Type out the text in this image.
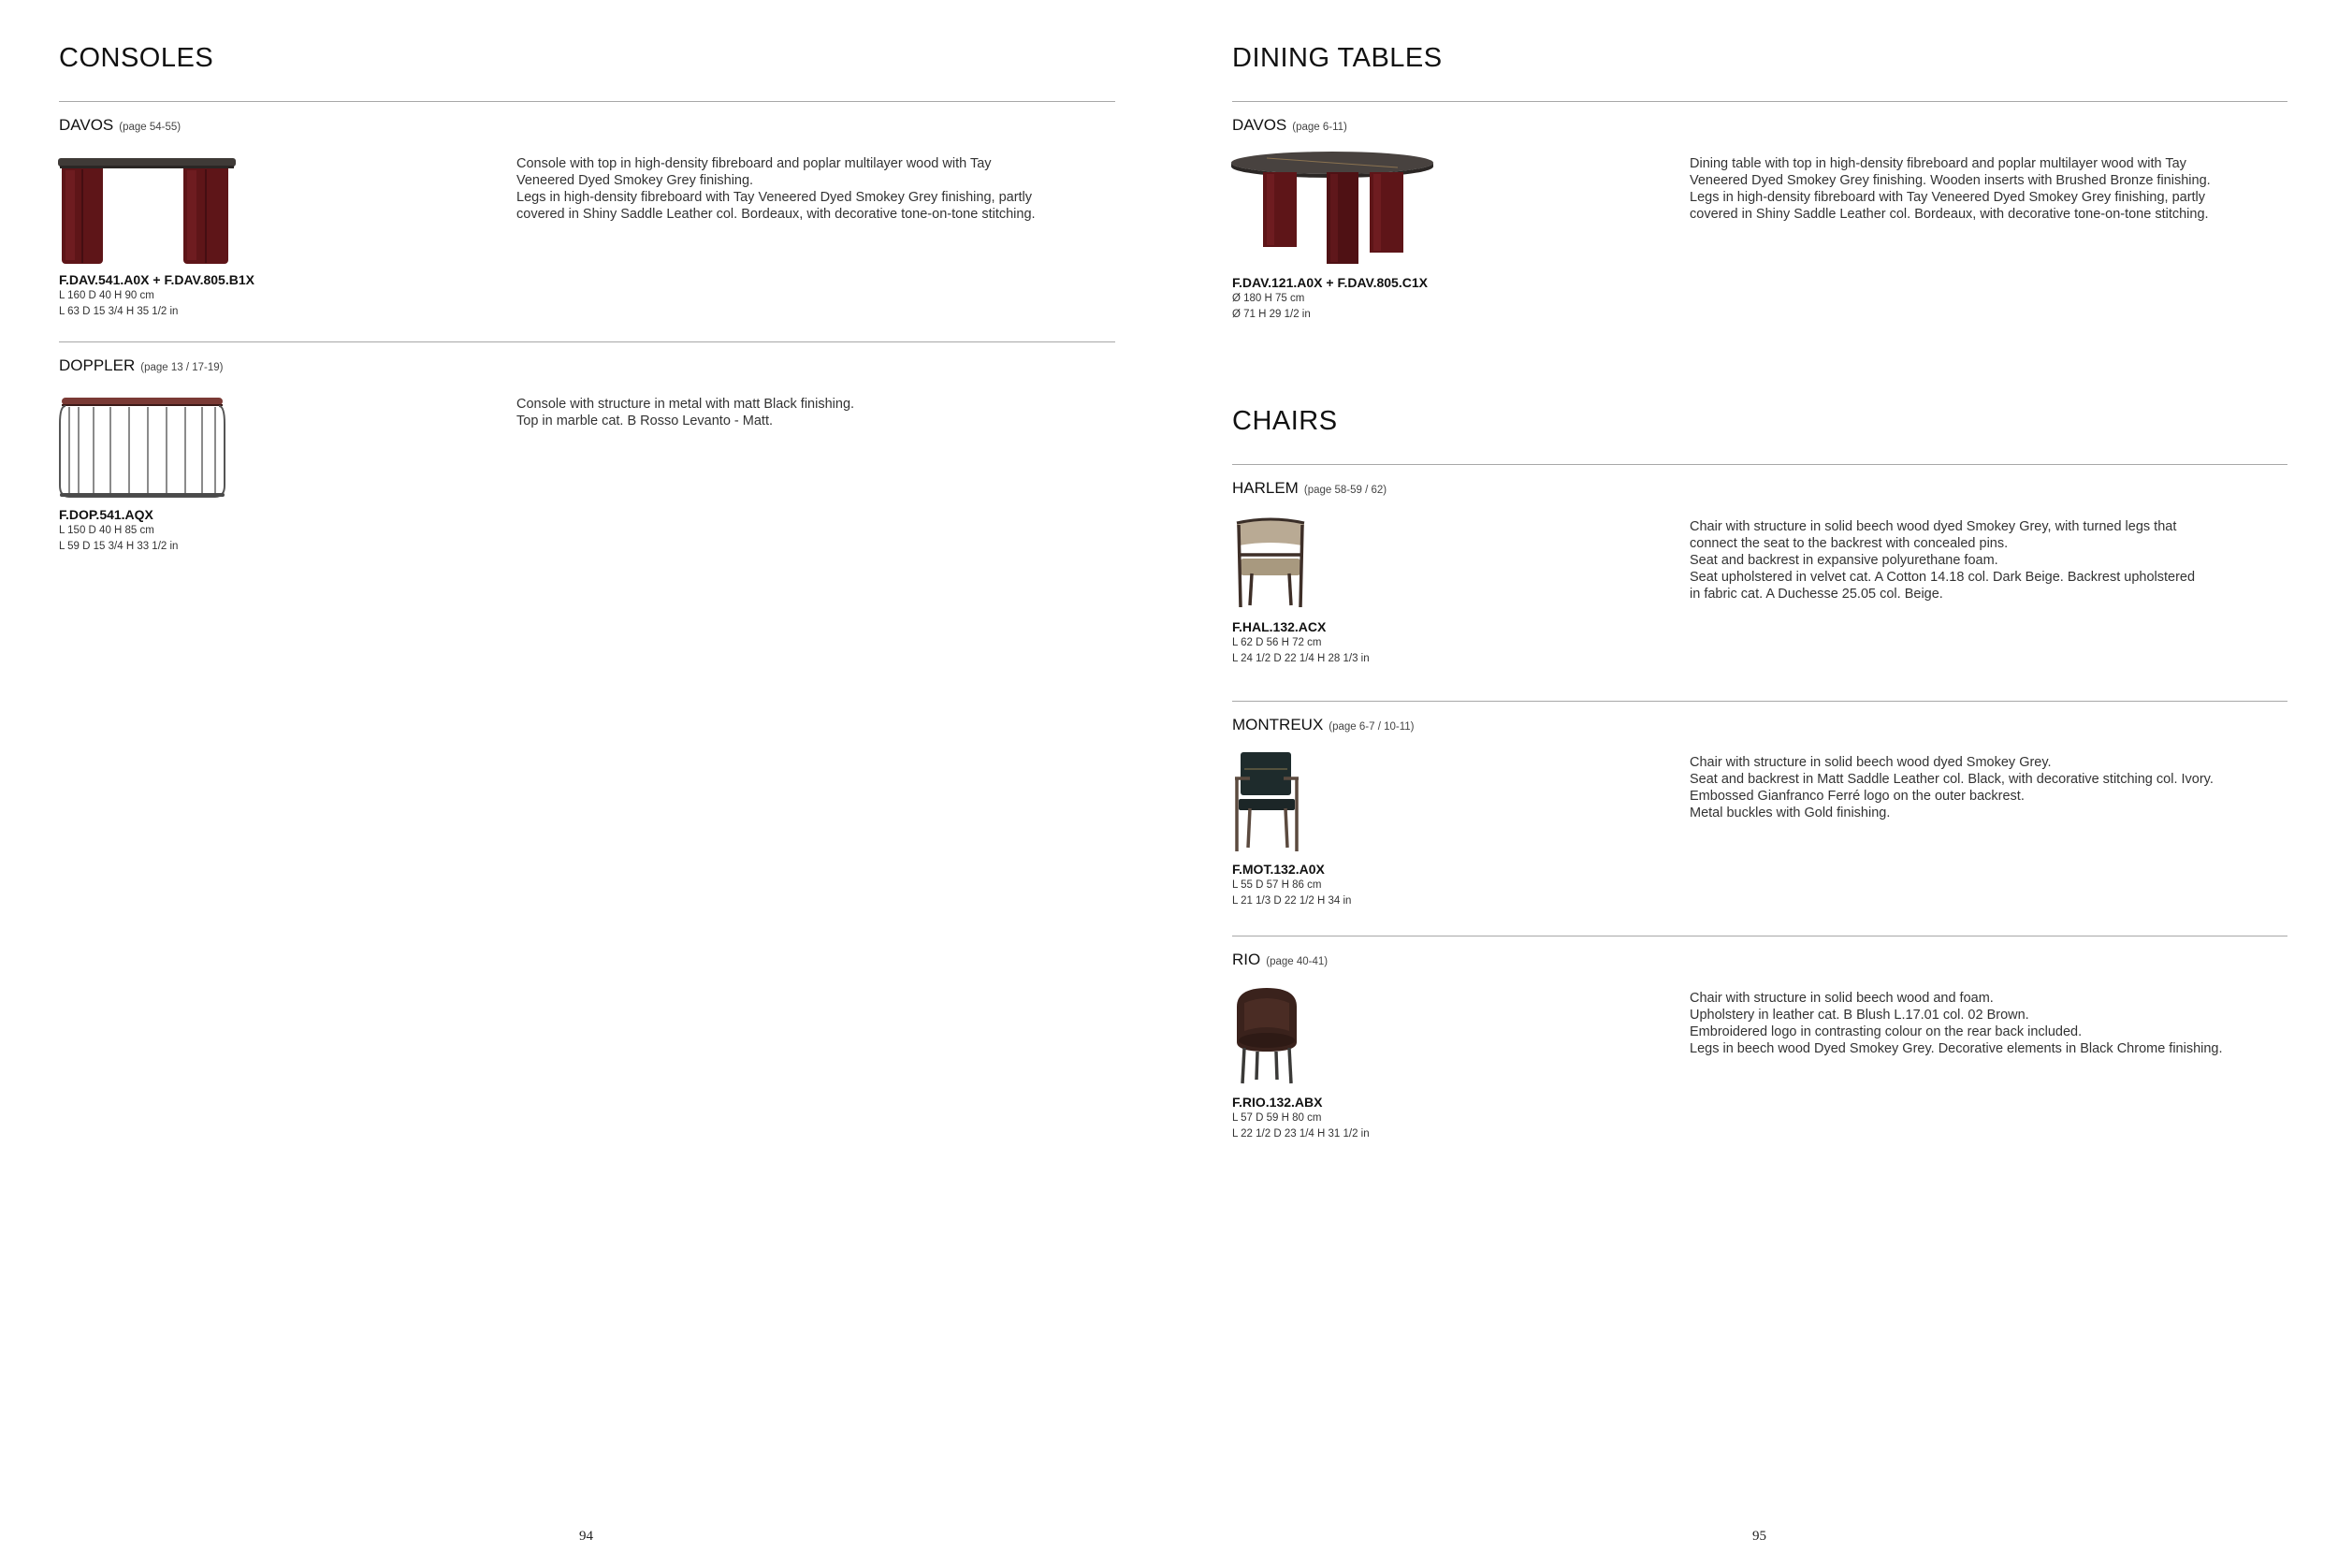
CONSOLES
DAVOS (page 54-55)
F.DAV.541.A0X + F.DAV.805.B1X
L 160 D 40 H 90 cm
L 63 D 15 3/4 H 35 1/2 in
Console with top in high-density fibreboard and poplar multilayer wood with Tay
Veneered Dyed Smokey Grey finishing.
Legs in high-density fibreboard with Tay Veneered Dyed Smokey Grey finishing, partly
covered in Shiny Saddle Leather col. Bordeaux, with decorative tone-on-tone stitching.
DOPPLER (page 13 / 17-19)
F.DOP.541.AQX
L 150 D 40 H 85 cm
L 59 D 15 3/4 H 33 1/2 in
Console with structure in metal with matt Black finishing.
Top in marble cat. B Rosso Levanto - Matt.
94
DINING TABLES
DAVOS (page 6-11)
F.DAV.121.A0X + F.DAV.805.C1X
Ø 180 H 75 cm
Ø 71 H 29 1/2 in
Dining table with top in high-density fibreboard and poplar multilayer wood with Tay
Veneered Dyed Smokey Grey finishing. Wooden inserts with Brushed Bronze finishing.
Legs in high-density fibreboard with Tay Veneered Dyed Smokey Grey finishing, partly
covered in Shiny Saddle Leather col. Bordeaux, with decorative tone-on-tone stitching.
CHAIRS
HARLEM (page 58-59 / 62)
F.HAL.132.ACX
L 62 D 56 H 72 cm
L 24 1/2 D 22 1/4 H 28 1/3 in
Chair with structure in solid beech wood dyed Smokey Grey, with turned legs that
connect the seat to the backrest with concealed pins.
Seat and backrest in expansive polyurethane foam.
Seat upholstered in velvet cat. A Cotton 14.18 col. Dark Beige. Backrest upholstered
in fabric cat. A Duchesse 25.05 col. Beige.
MONTREUX (page 6-7 / 10-11)
F.MOT.132.A0X
L 55 D 57 H 86 cm
L 21 1/3 D 22 1/2 H 34 in
Chair with structure in solid beech wood dyed Smokey Grey.
Seat and backrest in Matt Saddle Leather col. Black, with decorative stitching col. Ivory.
Embossed Gianfranco Ferré logo on the outer backrest.
Metal buckles with Gold finishing.
RIO (page 40-41)
F.RIO.132.ABX
L 57 D 59 H 80 cm
L 22 1/2 D 23 1/4 H 31 1/2 in
Chair with structure in solid beech wood and foam.
Upholstery in leather cat. B Blush L.17.01 col. 02 Brown.
Embroidered logo in contrasting colour on the rear back included.
Legs in beech wood Dyed Smokey Grey. Decorative elements in Black Chrome finishing.
95
